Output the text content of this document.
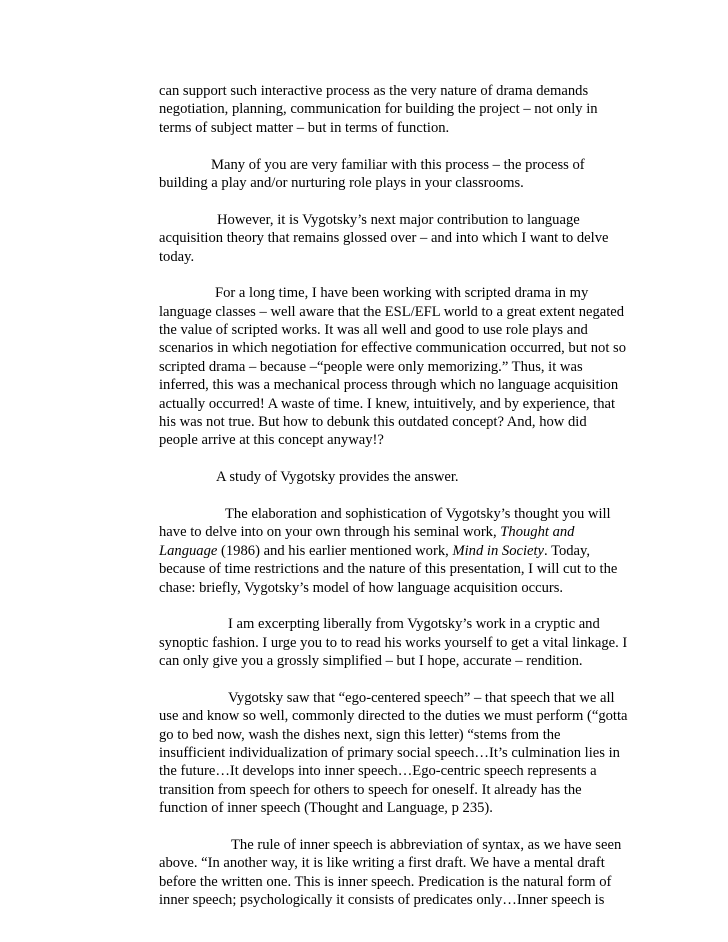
can support such interactive process as the very nature of drama demands
negotiation, planning, communication for building the project – not only in
terms of subject matter – but in terms of function.
Many of you are very familiar with this process – the process of
building a play and/or nurturing role plays in your classrooms.
However, it is Vygotsky’s next major contribution to language
acquisition theory that remains glossed over – and into which I want to delve
today.
For a long time, I have been working with scripted drama in my
language classes – well aware that the ESL/EFL world to a great extent negated
the value of scripted works. It was all well and good to use role plays and
scenarios in which negotiation for effective communication occurred, but not so
scripted drama – because –“people were only memorizing.” Thus, it was
inferred, this was a mechanical process through which no language acquisition
actually occurred! A waste of time. I knew, intuitively, and by experience, that
his was not true. But how to debunk this outdated concept? And, how did
people arrive at this concept anyway!?
A study of Vygotsky provides the answer.
The elaboration and sophistication of Vygotsky’s thought you will
have to delve into on your own through his seminal work, Thought and
Language (1986) and his earlier mentioned work, Mind in Society. Today,
because of time restrictions and the nature of this presentation, I will cut to the
chase: briefly, Vygotsky’s model of how language acquisition occurs.
I am excerpting liberally from Vygotsky’s work in a cryptic and
synoptic fashion. I urge you to to read his works yourself to get a vital linkage. I
can only give you a grossly simplified – but I hope, accurate – rendition.
Vygotsky saw that “ego-centered speech” – that speech that we all
use and know so well, commonly directed to the duties we must perform (“gotta
go to bed now, wash the dishes next, sign this letter) “stems from the
insufficient individualization of primary social speech…It’s culmination lies in
the future…It develops into inner speech…Ego-centric speech represents a
transition from speech for others to speech for oneself. It already has the
function of inner speech (Thought and Language, p 235).
The rule of inner speech is abbreviation of syntax, as we have seen
above. “In another way, it is like writing a first draft. We have a mental draft
before the written one. This is inner speech. Predication is the natural form of
inner speech; psychologically it consists of predicates only…Inner speech is
